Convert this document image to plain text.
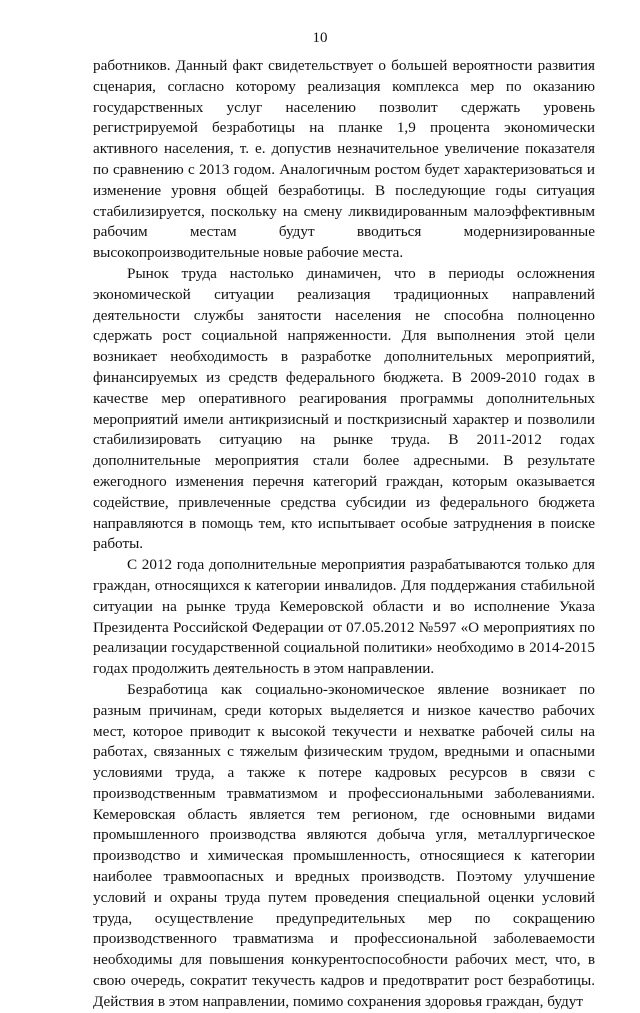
10

работников. Данный факт свидетельствует о большей вероятности развития сценария, согласно которому реализация комплекса мер по оказанию государственных услуг населению позволит сдержать уровень регистрируемой безработицы на планке 1,9 процента экономически активного населения, т. е. допустив незначительное увеличение показателя по сравнению с 2013 годом. Аналогичным ростом будет характеризоваться и изменение уровня общей безработицы. В последующие годы ситуация стабилизируется, поскольку на смену ликвидированным малоэффективным рабочим местам будут вводиться модернизированные высокопроизводительные новые рабочие места.

Рынок труда настолько динамичен, что в периоды осложнения экономической ситуации реализация традиционных направлений деятельности службы занятости населения не способна полноценно сдержать рост социальной напряженности. Для выполнения этой цели возникает необходимость в разработке дополнительных мероприятий, финансируемых из средств федерального бюджета. В 2009-2010 годах в качестве мер оперативного реагирования программы дополнительных мероприятий имели антикризисный и посткризисный характер и позволили стабилизировать ситуацию на рынке труда. В 2011-2012 годах дополнительные мероприятия стали более адресными. В результате ежегодного изменения перечня категорий граждан, которым оказывается содействие, привлеченные средства субсидии из федерального бюджета направляются в помощь тем, кто испытывает особые затруднения в поиске работы.

С 2012 года дополнительные мероприятия разрабатываются только для граждан, относящихся к категории инвалидов. Для поддержания стабильной ситуации на рынке труда Кемеровской области и во исполнение Указа Президента Российской Федерации от 07.05.2012 №597 «О мероприятиях по реализации государственной социальной политики» необходимо в 2014-2015 годах продолжить деятельность в этом направлении.

Безработица как социально-экономическое явление возникает по разным причинам, среди которых выделяется и низкое качество рабочих мест, которое приводит к высокой текучести и нехватке рабочей силы на работах, связанных с тяжелым физическим трудом, вредными и опасными условиями труда, а также к потере кадровых ресурсов в связи с производственным травматизмом и профессиональными заболеваниями. Кемеровская область является тем регионом, где основными видами промышленного производства являются добыча угля, металлургическое производство и химическая промышленность, относящиеся к категории наиболее травмоопасных и вредных производств. Поэтому улучшение условий и охраны труда путем проведения специальной оценки условий труда, осуществление предупредительных мер по сокращению производственного травматизма и профессиональной заболеваемости необходимы для повышения конкурентоспособности рабочих мест, что, в свою очередь, сократит текучесть кадров и предотвратит рост безработицы. Действия в этом направлении, помимо сохранения здоровья граждан, будут
